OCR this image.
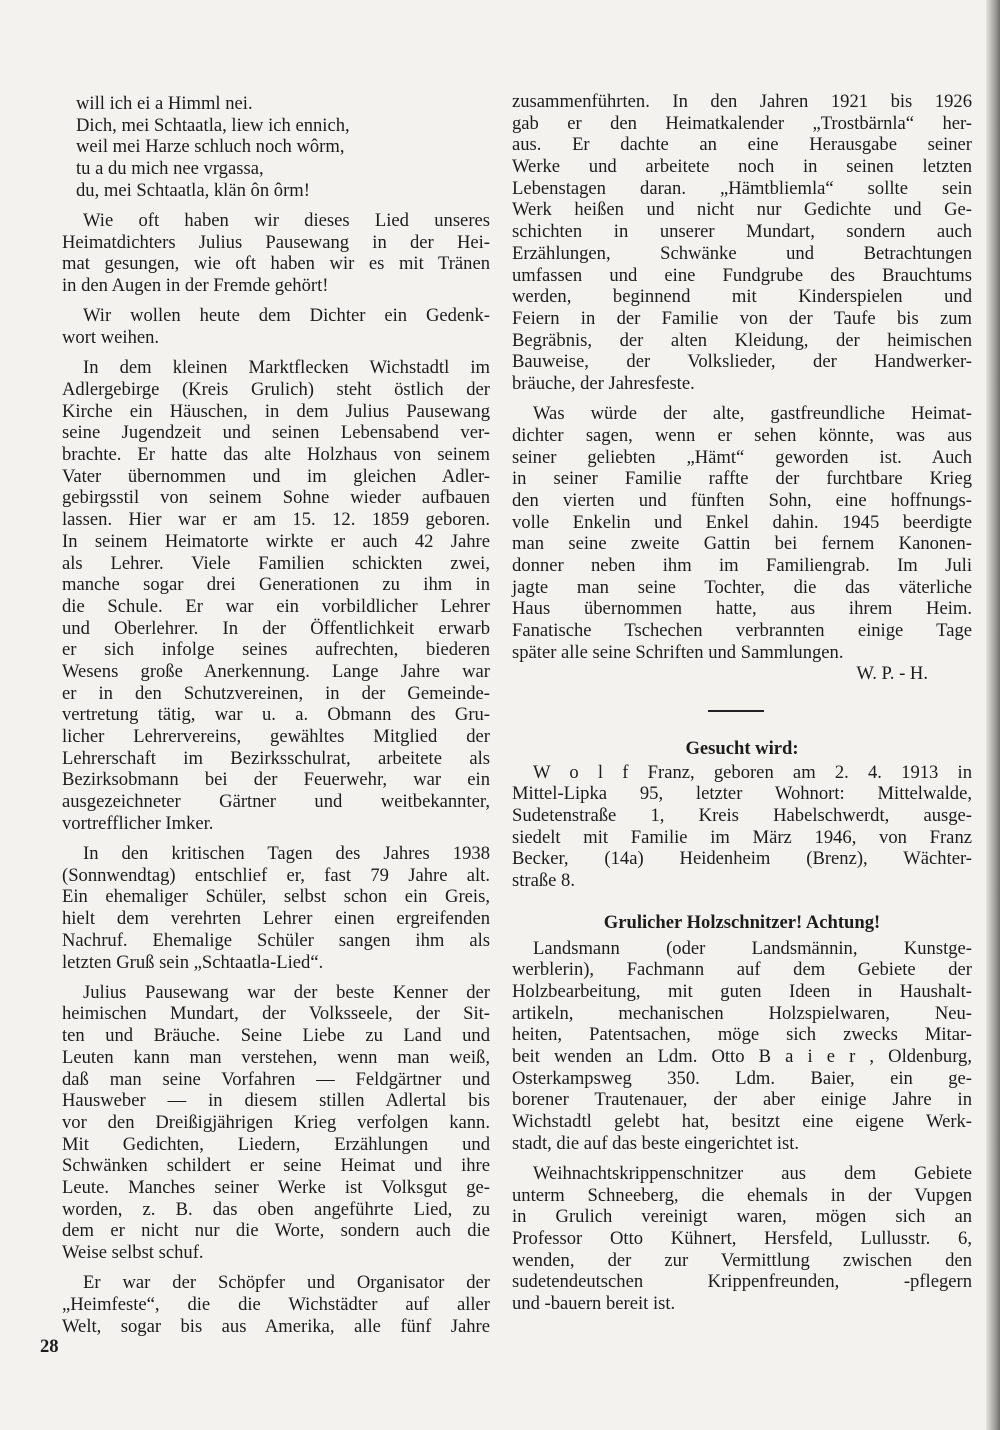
will ich ei a Himml nei.
Dich, mei Schtaatla, liew ich ennich,
weil mei Harze schluch noch wôrm,
tu a du mich nee vrgassa,
du, mei Schtaatla, klän ôn ôrm!
Wie oft haben wir dieses Lied unseres
Heimatdichters Julius Pausewang in der Hei-
mat gesungen, wie oft haben wir es mit Tränen
in den Augen in der Fremde gehört!
Wir wollen heute dem Dichter ein Gedenk-
wort weihen.
In dem kleinen Marktflecken Wichstadtl im
Adlergebirge (Kreis Grulich) steht östlich der
Kirche ein Häuschen, in dem Julius Pausewang
seine Jugendzeit und seinen Lebensabend ver-
brachte. Er hatte das alte Holzhaus von seinem
Vater übernommen und im gleichen Adler-
gebirgsstil von seinem Sohne wieder aufbauen
lassen. Hier war er am 15. 12. 1859 geboren.
In seinem Heimatorte wirkte er auch 42 Jahre
als Lehrer. Viele Familien schickten zwei,
manche sogar drei Generationen zu ihm in
die Schule. Er war ein vorbildlicher Lehrer
und Oberlehrer. In der Öffentlichkeit erwarb
er sich infolge seines aufrechten, biederen
Wesens große Anerkennung. Lange Jahre war
er in den Schutzvereinen, in der Gemeinde-
vertretung tätig, war u. a. Obmann des Gru-
licher Lehrervereins, gewähltes Mitglied der
Lehrerschaft im Bezirksschulrat, arbeitete als
Bezirksobmann bei der Feuerwehr, war ein
ausgezeichneter Gärtner und weitbekannter,
vortrefflicher Imker.
In den kritischen Tagen des Jahres 1938
(Sonnwendtag) entschlief er, fast 79 Jahre alt.
Ein ehemaliger Schüler, selbst schon ein Greis,
hielt dem verehrten Lehrer einen ergreifenden
Nachruf. Ehemalige Schüler sangen ihm als
letzten Gruß sein „Schtaatla-Lied“.
Julius Pausewang war der beste Kenner der
heimischen Mundart, der Volksseele, der Sit-
ten und Bräuche. Seine Liebe zu Land und
Leuten kann man verstehen, wenn man weiß,
daß man seine Vorfahren — Feldgärtner und
Hausweber — in diesem stillen Adlertal bis
vor den Dreißigjährigen Krieg verfolgen kann.
Mit Gedichten, Liedern, Erzählungen und
Schwänken schildert er seine Heimat und ihre
Leute. Manches seiner Werke ist Volksgut ge-
worden, z. B. das oben angeführte Lied, zu
dem er nicht nur die Worte, sondern auch die
Weise selbst schuf.
Er war der Schöpfer und Organisator der
„Heimfeste“, die die Wichstädter auf aller
Welt, sogar bis aus Amerika, alle fünf Jahre
zusammenführten. In den Jahren 1921 bis 1926
gab er den Heimatkalender „Trostbärnla“ her-
aus. Er dachte an eine Herausgabe seiner
Werke und arbeitete noch in seinen letzten
Lebenstagen daran. „Hämtbliemla“ sollte sein
Werk heißen und nicht nur Gedichte und Ge-
schichten in unserer Mundart, sondern auch
Erzählungen, Schwänke und Betrachtungen
umfassen und eine Fundgrube des Brauchtums
werden, beginnend mit Kinderspielen und
Feiern in der Familie von der Taufe bis zum
Begräbnis, der alten Kleidung, der heimischen
Bauweise, der Volkslieder, der Handwerker-
bräuche, der Jahresfeste.
Was würde der alte, gastfreundliche Heimat-
dichter sagen, wenn er sehen könnte, was aus
seiner geliebten „Hämt“ geworden ist. Auch
in seiner Familie raffte der furchtbare Krieg
den vierten und fünften Sohn, eine hoffnungs-
volle Enkelin und Enkel dahin. 1945 beerdigte
man seine zweite Gattin bei fernem Kanonen-
donner neben ihm im Familiengrab. Im Juli
jagte man seine Tochter, die das väterliche
Haus übernommen hatte, aus ihrem Heim.
Fanatische Tschechen verbrannten einige Tage
später alle seine Schriften und Sammlungen.
W. P. - H.
Gesucht wird:
W o l f Franz, geboren am 2. 4. 1913 in
Mittel-Lipka 95, letzter Wohnort: Mittelwalde,
Sudetenstraße 1, Kreis Habelschwerdt, ausge-
siedelt mit Familie im März 1946, von Franz
Becker, (14a) Heidenheim (Brenz), Wächter-
straße 8.
Grulicher Holzschnitzer! Achtung!
Landsmann (oder Landsmännin, Kunstge-
werblerin), Fachmann auf dem Gebiete der
Holzbearbeitung, mit guten Ideen in Haushalt-
artikeln, mechanischen Holzspielwaren, Neu-
heiten, Patentsachen, möge sich zwecks Mitar-
beit wenden an Ldm. Otto B a i e r , Oldenburg,
Osterkampsweg 350. Ldm. Baier, ein ge-
borener Trautenauer, der aber einige Jahre in
Wichstadtl gelebt hat, besitzt eine eigene Werk-
stadt, die auf das beste eingerichtet ist.
Weihnachtskrippenschnitzer aus dem Gebiete
unterm Schneeberg, die ehemals in der Vupgen
in Grulich vereinigt waren, mögen sich an
Professor Otto Kühnert, Hersfeld, Lullusstr. 6,
wenden, der zur Vermittlung zwischen den
sudetendeutschen Krippenfreunden, -pflegern
und -bauern bereit ist.
28
